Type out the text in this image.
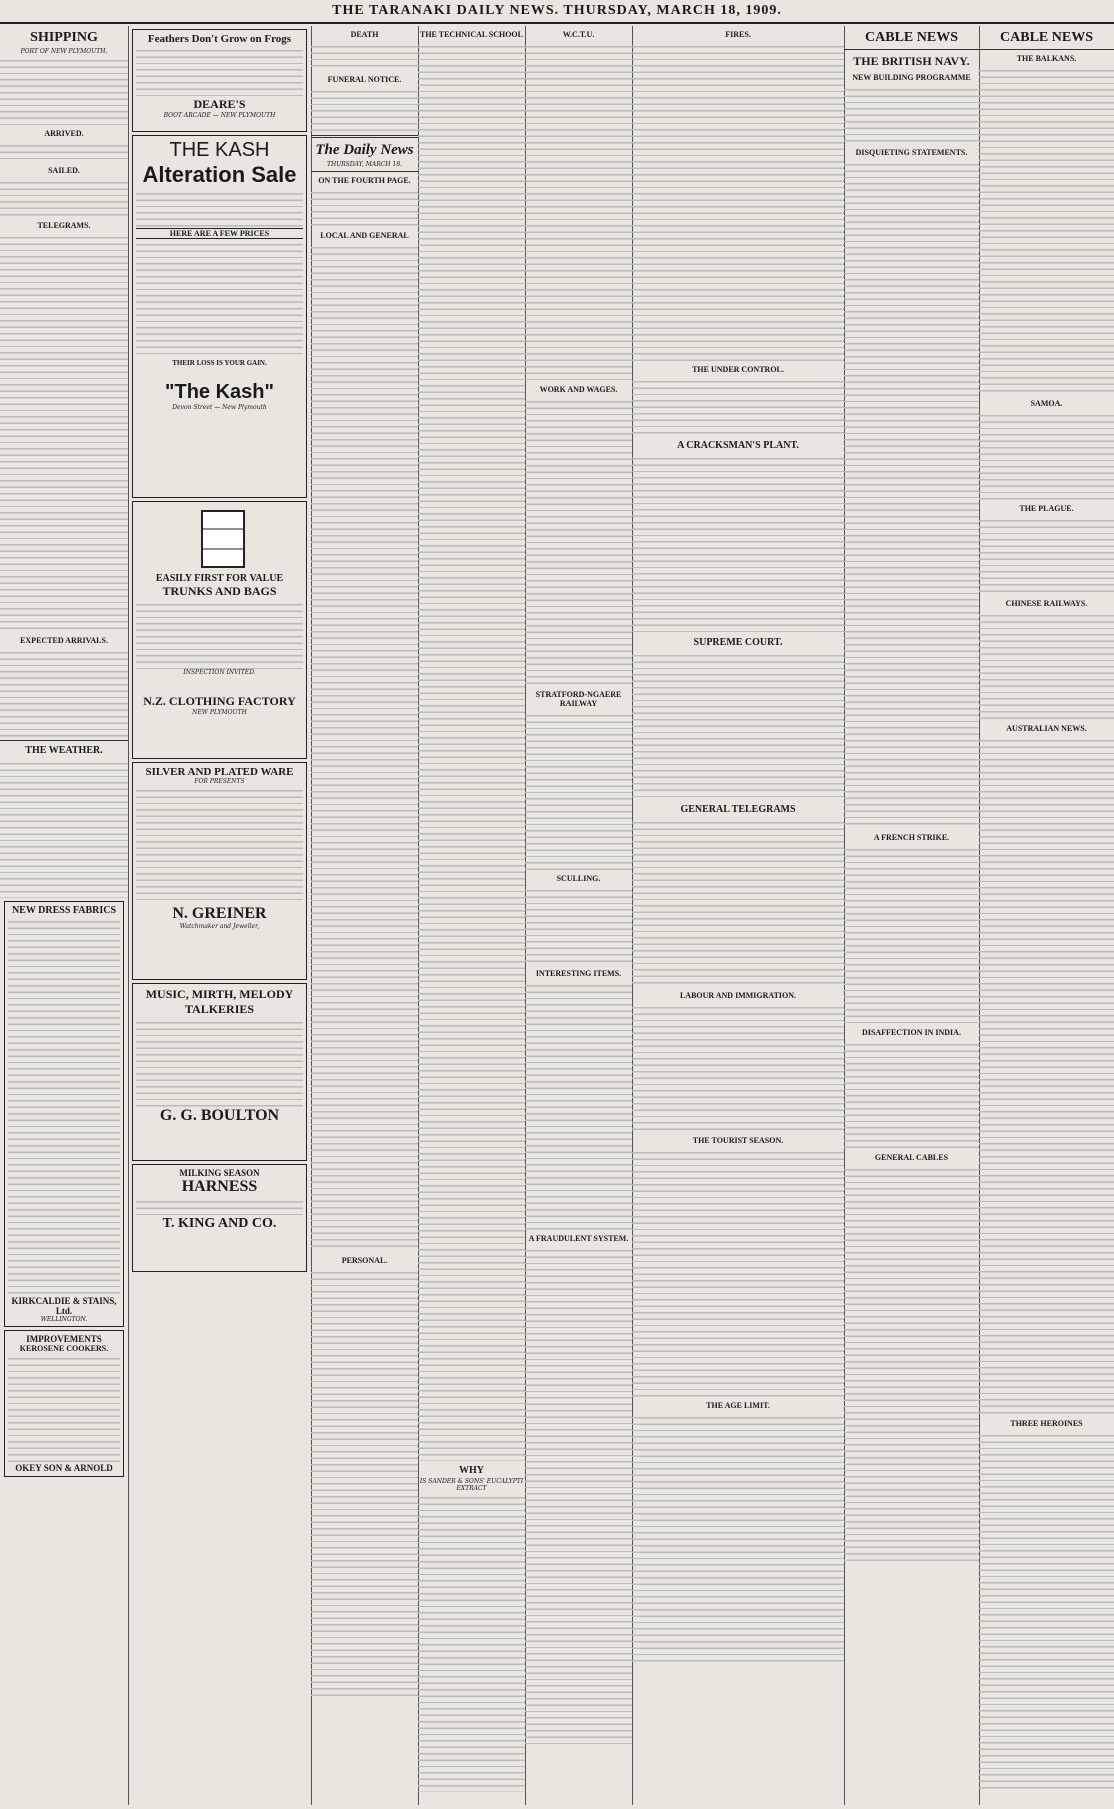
THE TARANAKI DAILY NEWS. THURSDAY, MARCH 18, 1909.
SHIPPING
PORT OF NEW PLYMOUTH.
ARRIVED.
SAILED.
TELEGRAMS.
EXPECTED ARRIVALS.
THE WEATHER.
NEW DRESS FABRICS
KIRKCALDIE & STAINS, Ltd.
WELLINGTON.
IMPROVEMENTS
KEROSENE COOKERS.
OKEY SON & ARNOLD
Feathers Don't Grow on Frogs
DEARE'S
BOOT ARCADE — NEW PLYMOUTH
THE KASH
Alteration Sale
HERE ARE A FEW PRICES
THEIR LOSS IS YOUR GAIN.
"The Kash"
Devon Street — New Plymouth
EASILY FIRST FOR VALUE
TRUNKS AND BAGS
INSPECTION INVITED.
N.Z. CLOTHING FACTORY
NEW PLYMOUTH
SILVER AND PLATED WARE
FOR PRESENTS
N. GREINER
Watchmaker and Jeweller,
MUSIC, MIRTH, MELODY
TALKERIES
G. G. BOULTON
MILKING SEASON
HARNESS
T. KING AND CO.
DEATH
FUNERAL NOTICE.
The Daily News
THURSDAY, MARCH 18.
ON THE FOURTH PAGE.
LOCAL AND GENERAL
PERSONAL.
THE TECHNICAL SCHOOL
WHY
IS SANDER & SONS' EUCALYPTI EXTRACT
W.C.T.U.
WORK AND WAGES.
STRATFORD-NGAERE RAILWAY
SCULLING.
INTERESTING ITEMS.
A FRAUDULENT SYSTEM.
FIRES.
THE UNDER CONTROL.
A CRACKSMAN'S PLANT.
SUPREME COURT.
GENERAL TELEGRAMS
LABOUR AND IMMIGRATION.
THE TOURIST SEASON.
THE AGE LIMIT.
CABLE NEWS
THE BRITISH NAVY.
NEW BUILDING PROGRAMME
DISQUIETING STATEMENTS.
A FRENCH STRIKE.
DISAFFECTION IN INDIA.
GENERAL CABLES
CABLE NEWS
THE BALKANS.
SAMOA.
THE PLAGUE.
CHINESE RAILWAYS.
AUSTRALIAN NEWS.
THREE HEROINES
